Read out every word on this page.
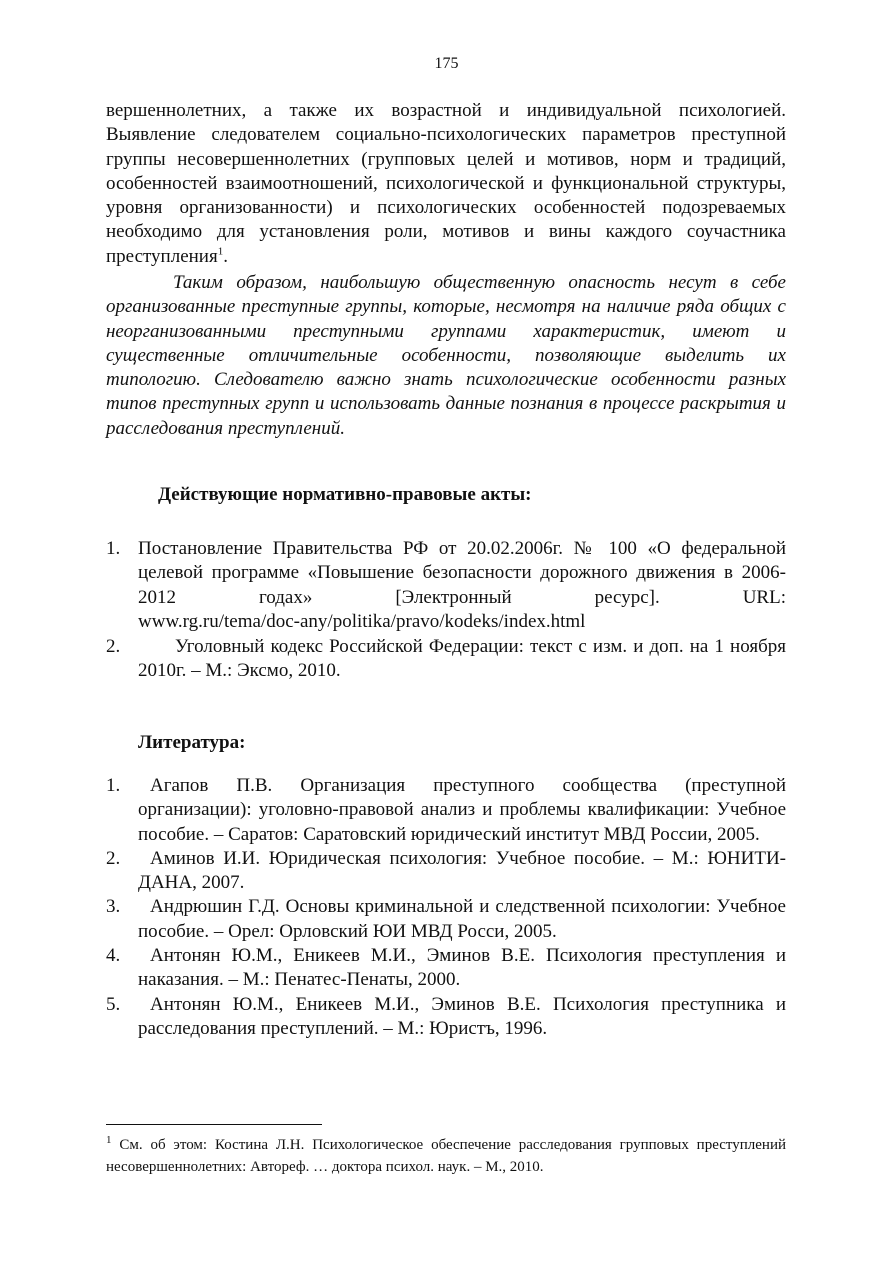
175

вершеннолетних, а также их возрастной и индивидуальной психологией. Выявление следователем социально-психологических параметров преступной группы несовершеннолетних (групповых целей и мотивов, норм и традиций, особенностей взаимоотношений, психологической и функциональной структуры, уровня организованности) и психологических особенностей подозреваемых необходимо для установления роли, мотивов и вины каждого соучастника преступления$^1$.

Таким образом, наибольшую общественную опасность несут в себе организованные преступные группы, которые, несмотря на наличие ряда общих с неорганизованными преступными группами характеристик, имеют и существенные отличительные особенности, позволяющие выделить их типологию. Следователю важно знать психологические особенности разных типов преступных групп и использовать данные познания в процессе раскрытия и расследования преступлений.

Действующие нормативно-правовые акты:
1. Постановление Правительства РФ от 20.02.2006г. № 100 «О федеральной целевой программе «Повышение безопасности дорожного движения в 2006-2012 годах» [Электронный ресурс]. URL:
www.rg.ru/tema/doc-any/politika/pravo/kodeks/index.html
2.	Уголовный кодекс Российской Федерации: текст с изм. и доп. на 1 ноября 2010г. – М.: Эксмо, 2010.
Литература:
1.	Агапов П.В. Организация преступного сообщества (преступной организации): уголовно-правовой анализ и проблемы квалификации: Учебное пособие. – Саратов: Саратовский юридический институт МВД России, 2005.
2.	Аминов И.И. Юридическая психология: Учебное пособие. – М.: ЮНИТИ-ДАНА, 2007.
3.	Андрюшин Г.Д. Основы криминальной и следственной психологии: Учебное пособие. – Орел: Орловский ЮИ МВД Росси, 2005.
4.	Антонян Ю.М., Еникеев М.И., Эминов В.Е. Психология преступления и наказания. – М.: Пенатес-Пенаты, 2000.
5.	Антонян Ю.М., Еникеев М.И., Эминов В.Е. Психология преступника и расследования преступлений. – М.: Юристъ, 1996.

$^1$ См. об этом: Костина Л.Н. Психологическое обеспечение расследования групповых преступлений несовершеннолетних: Автореф. … доктора психол. наук. – М., 2010.
